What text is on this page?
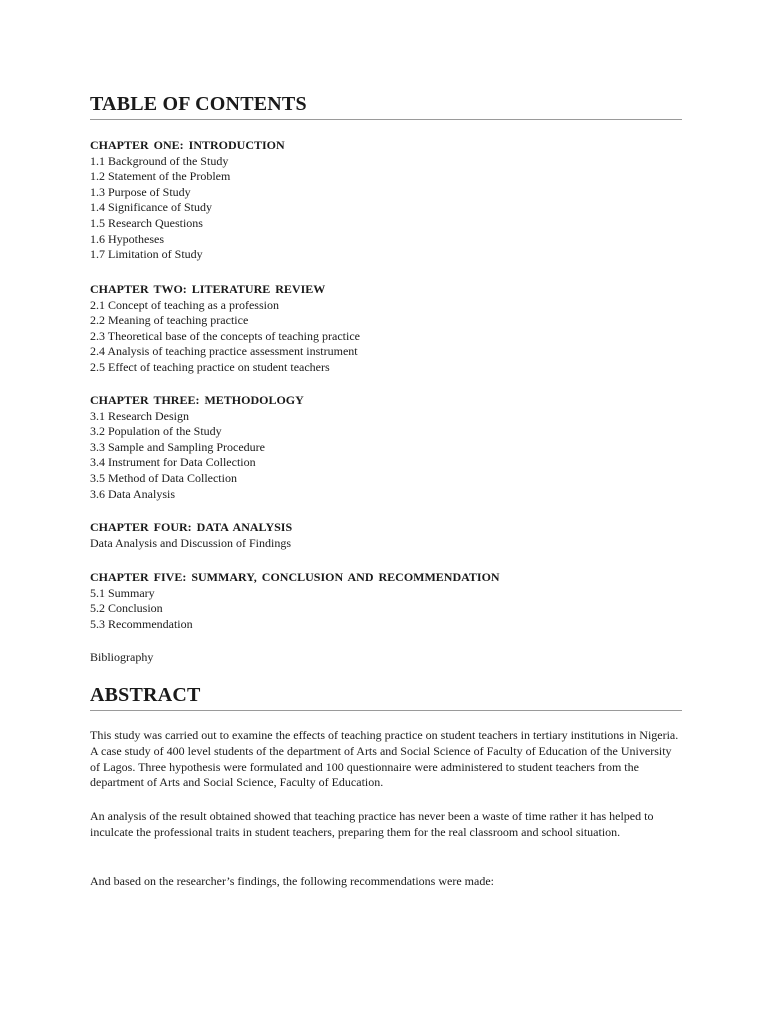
TABLE OF CONTENTS
CHAPTER ONE: INTRODUCTION
1.1 Background of the Study
1.2 Statement of the Problem
1.3 Purpose of Study
1.4 Significance of Study
1.5 Research Questions
1.6 Hypotheses
1.7 Limitation of Study
CHAPTER TWO: LITERATURE REVIEW
2.1 Concept of teaching as a profession
2.2 Meaning of teaching practice
2.3 Theoretical base of the concepts of teaching practice
2.4 Analysis of teaching practice assessment instrument
2.5 Effect of teaching practice on student teachers
CHAPTER THREE: METHODOLOGY
3.1 Research Design
3.2 Population of the Study
3.3 Sample and Sampling Procedure
3.4 Instrument for Data Collection
3.5 Method of Data Collection
3.6 Data Analysis
CHAPTER FOUR: DATA ANALYSIS
Data Analysis and Discussion of Findings
CHAPTER FIVE: SUMMARY, CONCLUSION AND RECOMMENDATION
5.1 Summary
5.2 Conclusion
5.3 Recommendation
Bibliography
ABSTRACT

This study was carried out to examine the effects of teaching practice on student teachers in tertiary institutions in Nigeria. A case study of 400 level students of the department of Arts and Social Science of Faculty of Education of the University of Lagos. Three hypothesis were formulated and 100 questionnaire were administered to student teachers from the department of Arts and Social Science, Faculty of Education.

An analysis of the result obtained showed that teaching practice has never been a waste of time rather it has helped to inculcate the professional traits in student teachers, preparing them for the real classroom and school situation.

And based on the researcher’s findings, the following recommendations were made:
